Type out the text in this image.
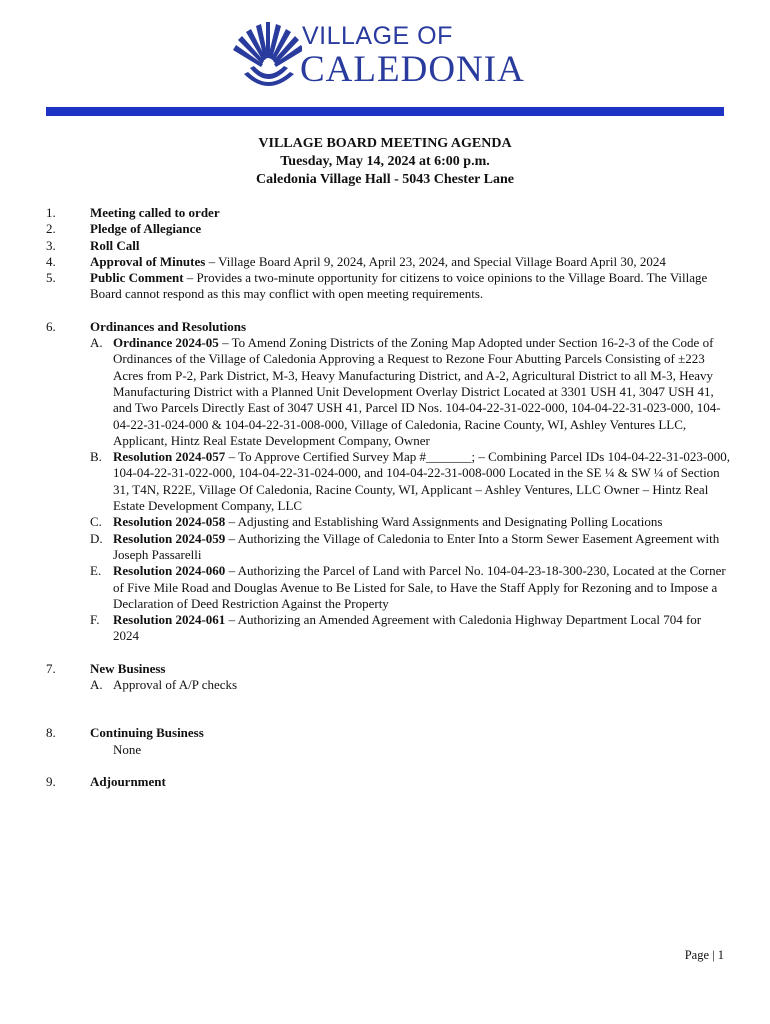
VILLAGE OF
CALEDONIA
VILLAGE BOARD MEETING AGENDA
Tuesday, May 14, 2024 at 6:00 p.m.
Caledonia Village Hall - 5043 Chester Lane
1.	Meeting called to order
2.	Pledge of Allegiance
3.	Roll Call
4.	Approval of Minutes – Village Board April 9, 2024, April 23, 2024, and Special Village Board April 30, 2024
5.	Public Comment – Provides a two-minute opportunity for citizens to voice opinions to the Village Board. The Village Board cannot respond as this may conflict with open meeting requirements.
6.	Ordinances and Resolutions
A. Ordinance 2024-05 – To Amend Zoning Districts of the Zoning Map Adopted under Section 16-2-3 of the Code of Ordinances of the Village of Caledonia Approving a Request to Rezone Four Abutting Parcels Consisting of ±223 Acres from P-2, Park District, M-3, Heavy Manufacturing District, and A-2, Agricultural District to all M-3, Heavy Manufacturing District with a Planned Unit Development Overlay District Located at 3301 USH 41, 3047 USH 41, and Two Parcels Directly East of 3047 USH 41, Parcel ID Nos. 104-04-22-31-022-000, 104-04-22-31-023-000, 104-04-22-31-024-000 & 104-04-22-31-008-000, Village of Caledonia, Racine County, WI, Ashley Ventures LLC, Applicant, Hintz Real Estate Development Company, Owner
B. Resolution 2024-057 – To Approve Certified Survey Map #_______; – Combining Parcel IDs 104-04-22-31-023-000, 104-04-22-31-022-000, 104-04-22-31-024-000, and 104-04-22-31-008-000 Located in the SE ¼ & SW ¼ of Section 31, T4N, R22E, Village Of Caledonia, Racine County, WI, Applicant – Ashley Ventures, LLC Owner – Hintz Real Estate Development Company, LLC
C. Resolution 2024-058 – Adjusting and Establishing Ward Assignments and Designating Polling Locations
D. Resolution 2024-059 – Authorizing the Village of Caledonia to Enter Into a Storm Sewer Easement Agreement with Joseph Passarelli
E. Resolution 2024-060 – Authorizing the Parcel of Land with Parcel No. 104-04-23-18-300-230, Located at the Corner of Five Mile Road and Douglas Avenue to Be Listed for Sale, to Have the Staff Apply for Rezoning and to Impose a Declaration of Deed Restriction Against the Property
F. Resolution 2024-061 – Authorizing an Amended Agreement with Caledonia Highway Department Local 704 for 2024
7.	New Business
A. Approval of A/P checks
8.	Continuing Business
None
9.	Adjournment
Page | 1
